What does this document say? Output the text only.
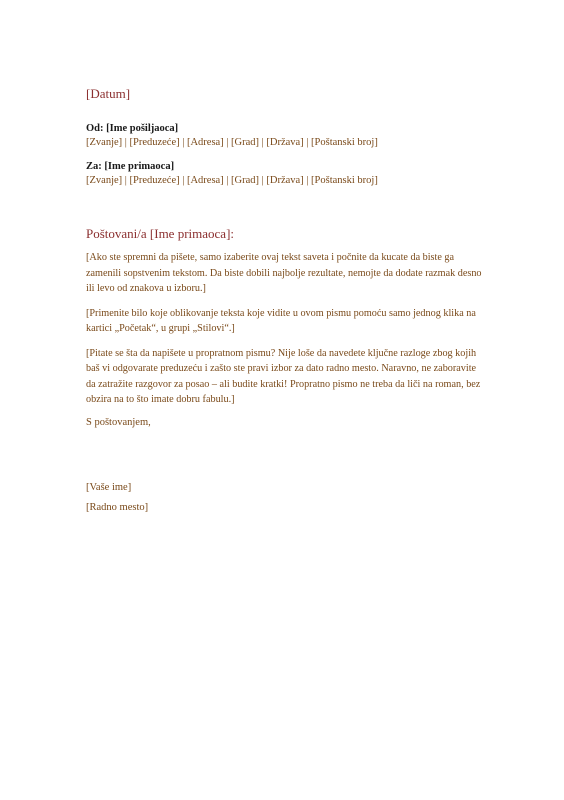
[Datum]
Od: [Ime pošiljaoca]
[Zvanje] | [Preduzeće] | [Adresa] | [Grad] | [Država] | [Poštanski broj]
Za: [Ime primaoca]
[Zvanje] | [Preduzeće] | [Adresa] | [Grad] | [Država] | [Poštanski broj]
Poštovani/a [Ime primaoca]:

[Ako ste spremni da pišete, samo izaberite ovaj tekst saveta i počnite da kucate da biste ga zamenili sopstvenim tekstom. Da biste dobili najbolje rezultate, nemojte da dodate razmak desno ili levo od znakova u izboru.]

[Primenite bilo koje oblikovanje teksta koje vidite u ovom pismu pomoću samo jednog klika na kartici „Početak“, u grupi „Stilovi“.]

[Pitate se šta da napišete u propratnom pismu? Nije loše da navedete ključne razloge zbog kojih baš vi odgovarate preduzeću i zašto ste pravi izbor za dato radno mesto. Naravno, ne zaboravite da zatražite razgovor za posao – ali budite kratki! Propratno pismo ne treba da liči na roman, bez obzira na to što imate dobru fabulu.]

S poštovanjem,
[Vaše ime]
[Radno mesto]
